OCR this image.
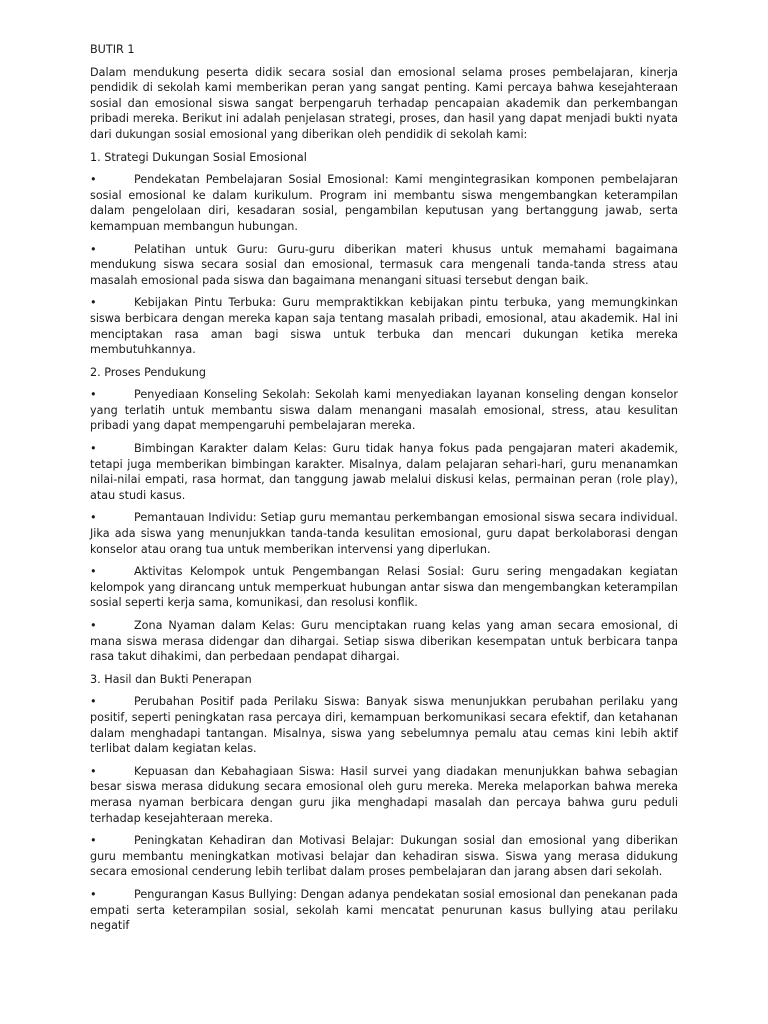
BUTIR 1

Dalam mendukung peserta didik secara sosial dan emosional selama proses pembelajaran, kinerja pendidik di sekolah kami memberikan peran yang sangat penting. Kami percaya bahwa kesejahteraan sosial dan emosional siswa sangat berpengaruh terhadap pencapaian akademik dan perkembangan pribadi mereka. Berikut ini adalah penjelasan strategi, proses, dan hasil yang dapat menjadi bukti nyata dari dukungan sosial emosional yang diberikan oleh pendidik di sekolah kami:

1. Strategi Dukungan Sosial Emosional

•	Pendekatan Pembelajaran Sosial Emosional: Kami mengintegrasikan komponen pembelajaran sosial emosional ke dalam kurikulum. Program ini membantu siswa mengembangkan keterampilan dalam pengelolaan diri, kesadaran sosial, pengambilan keputusan yang bertanggung jawab, serta kemampuan membangun hubungan.

•	Pelatihan untuk Guru: Guru-guru diberikan materi khusus untuk memahami bagaimana mendukung siswa secara sosial dan emosional, termasuk cara mengenali tanda-tanda stress atau masalah emosional pada siswa dan bagaimana menangani situasi tersebut dengan baik.

•	Kebijakan Pintu Terbuka: Guru mempraktikkan kebijakan pintu terbuka, yang memungkinkan siswa berbicara dengan mereka kapan saja tentang masalah pribadi, emosional, atau akademik. Hal ini menciptakan rasa aman bagi siswa untuk terbuka dan mencari dukungan ketika mereka membutuhkannya.

2. Proses Pendukung

•	Penyediaan Konseling Sekolah: Sekolah kami menyediakan layanan konseling dengan konselor yang terlatih untuk membantu siswa dalam menangani masalah emosional, stress, atau kesulitan pribadi yang dapat mempengaruhi pembelajaran mereka.

•	Bimbingan Karakter dalam Kelas: Guru tidak hanya fokus pada pengajaran materi akademik, tetapi juga memberikan bimbingan karakter. Misalnya, dalam pelajaran sehari-hari, guru menanamkan nilai-nilai empati, rasa hormat, dan tanggung jawab melalui diskusi kelas, permainan peran (role play), atau studi kasus.

•	Pemantauan Individu: Setiap guru memantau perkembangan emosional siswa secara individual. Jika ada siswa yang menunjukkan tanda-tanda kesulitan emosional, guru dapat berkolaborasi dengan konselor atau orang tua untuk memberikan intervensi yang diperlukan.

•	Aktivitas Kelompok untuk Pengembangan Relasi Sosial: Guru sering mengadakan kegiatan kelompok yang dirancang untuk memperkuat hubungan antar siswa dan mengembangkan keterampilan sosial seperti kerja sama, komunikasi, dan resolusi konflik.

•	Zona Nyaman dalam Kelas: Guru menciptakan ruang kelas yang aman secara emosional, di mana siswa merasa didengar dan dihargai. Setiap siswa diberikan kesempatan untuk berbicara tanpa rasa takut dihakimi, dan perbedaan pendapat dihargai.

3. Hasil dan Bukti Penerapan

•	Perubahan Positif pada Perilaku Siswa: Banyak siswa menunjukkan perubahan perilaku yang positif, seperti peningkatan rasa percaya diri, kemampuan berkomunikasi secara efektif, dan ketahanan dalam menghadapi tantangan. Misalnya, siswa yang sebelumnya pemalu atau cemas kini lebih aktif terlibat dalam kegiatan kelas.

•	Kepuasan dan Kebahagiaan Siswa: Hasil survei yang diadakan menunjukkan bahwa sebagian besar siswa merasa didukung secara emosional oleh guru mereka. Mereka melaporkan bahwa mereka merasa nyaman berbicara dengan guru jika menghadapi masalah dan percaya bahwa guru peduli terhadap kesejahteraan mereka.

•	Peningkatan Kehadiran dan Motivasi Belajar: Dukungan sosial dan emosional yang diberikan guru membantu meningkatkan motivasi belajar dan kehadiran siswa. Siswa yang merasa didukung secara emosional cenderung lebih terlibat dalam proses pembelajaran dan jarang absen dari sekolah.

•	Pengurangan Kasus Bullying: Dengan adanya pendekatan sosial emosional dan penekanan pada empati serta keterampilan sosial, sekolah kami mencatat penurunan kasus bullying atau perilaku negatif
